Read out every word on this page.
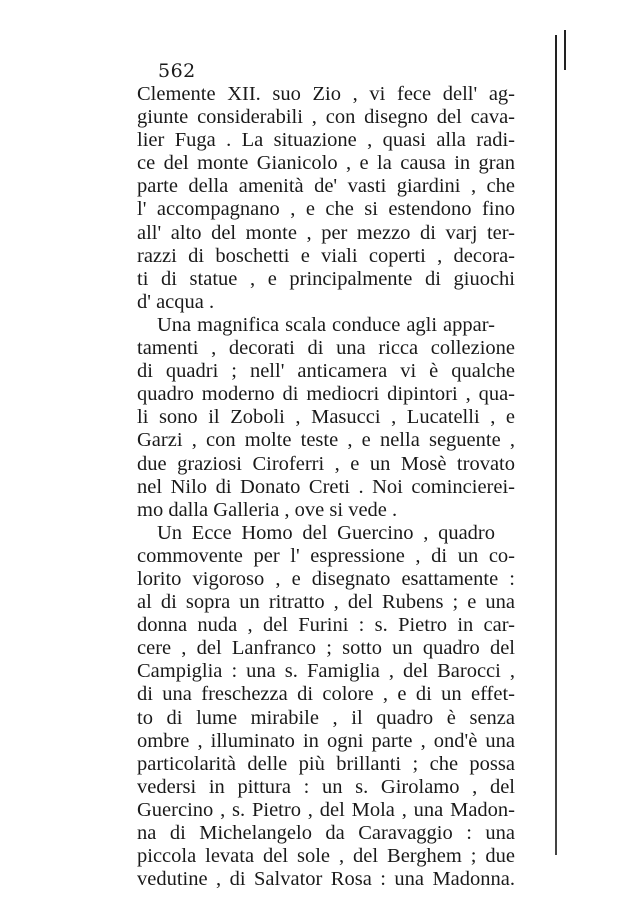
562
Clemente XII. suo Zio , vi fece dell' ag-
giunte considerabili , con disegno del cava-
lier Fuga . La situazione , quasi alla radi-
ce del monte Gianicolo , e la causa in gran
parte della amenità de' vasti giardini , che
l' accompagnano , e che si estendono fino
all' alto del monte , per mezzo di varj ter-
razzi di boschetti e viali coperti , decora-
ti di statue , e principalmente di giuochi
d' acqua .
Una magnifica scala conduce agli appar-
tamenti , decorati di una ricca collezione
di quadri ; nell' anticamera vi è qualche
quadro moderno di mediocri dipintori , qua-
li sono il Zoboli , Masucci , Lucatelli , e
Garzi , con molte teste , e nella seguente ,
due graziosi Ciroferri , e un Mosè trovato
nel Nilo di Donato Creti . Noi comincierei-
mo dalla Galleria , ove si vede .
Un Ecce Homo del Guercino , quadro
commovente per l' espressione , di un co-
lorito vigoroso , e disegnato esattamente :
al di sopra un ritratto , del Rubens ; e una
donna nuda , del Furini : s. Pietro in car-
cere , del Lanfranco ; sotto un quadro del
Campiglia : una s. Famiglia , del Barocci ,
di una freschezza di colore , e di un effet-
to di lume mirabile , il quadro è senza
ombre , illuminato in ogni parte , ond'è una
particolarità delle più brillanti ; che possa
vedersi in pittura : un s. Girolamo , del
Guercino , s. Pietro , del Mola , una Madon-
na di Michelangelo da Caravaggio : una
piccola levata del sole , del Berghem ; due
vedutine , di Salvator Rosa : una Madonna.
